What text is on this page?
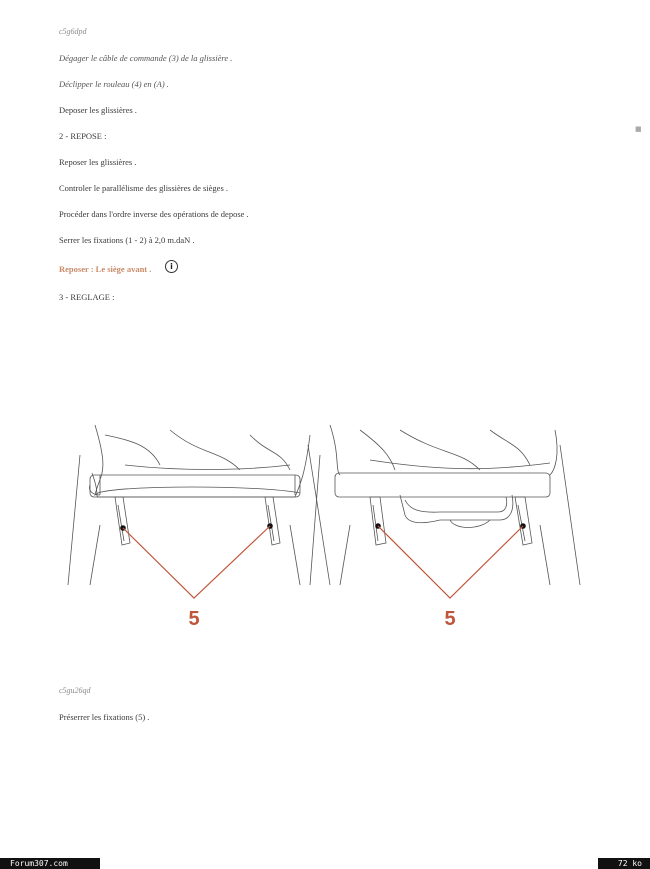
c5g6dpd
Dégager le câble de commande (3) de la glissière .
Déclipper le rouleau (4) en (A) .
Deposer les glissières .
2 - REPOSE :
Reposer les glissières .
Controler le parallélisme des glissières de sièges .
Procéder dans l'ordre inverse des opérations de depose .
Serrer les fixations (1 - 2) à 2,0 m.daN .
Reposer : Le siège avant .	i
3 - REGLAGE :
■
5	5
c5gu26qd
Préserrer les fixations (5) .
Forum307.com	72 ko
